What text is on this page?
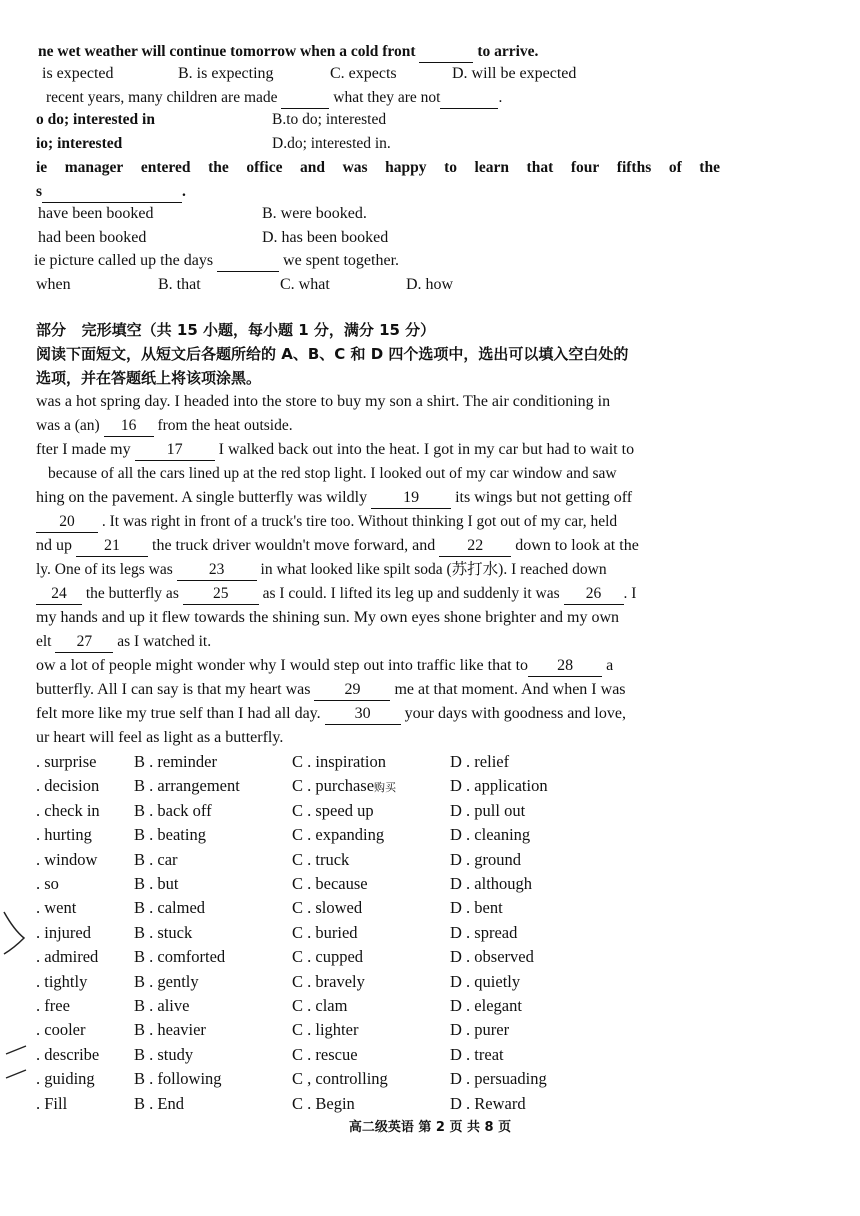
ne wet weather will continue tomorrow when a cold front	to arrive.
is expected	B. is expecting	C. expects	D. will be expected
recent years, many children are made	what they are not	.
o do; interested in	B.to do; interested
io; interested	D.do; interested in.
ie manager entered the office and was happy to learn that four fifths of the
s	.
have been booked	B. were booked.
had been booked	D. has been booked
ie picture called up the days	we spent together.
when	B. that	C. what	D. how
部分   完形填空（共 15 小题，每小题 1 分，满分 15 分）
阅读下面短文，从短文后各题所给的 A、B、C 和 D 四个选项中，选出可以填入空白处的
选项，并在答题纸上将该项涂黑。
was a hot spring day. I headed into the store to buy my son a shirt. The air conditioning in
was a (an) 16 from the heat outside.
fter I made my 17 I walked back out into the heat. I got in my car but had to wait to
because of all the cars lined up at the red stop light. I looked out of my car window and saw
hing on the pavement. A single butterfly was wildly 19 its wings but not getting off
20 . It was right in front of a truck's tire too. Without thinking I got out of my car, held
nd up 21 the truck driver wouldn't move forward, and 22 down to look at the
ly. One of its legs was 23 in what looked like spilt soda (苏打水). I reached down
24 the butterfly as 25 as I could. I lifted its leg up and suddenly it was 26 . I
my hands and up it flew towards the shining sun. My own eyes shone brighter and my own
elt 27 as I watched it.
ow a lot of people might wonder why I would step out into traffic like that to 28 a
butterfly. All I can say is that my heart was 29 me at that moment. And when I was
felt more like my true self than I had all day. 30 your days with goodness and love,
ur heart will feel as light as a butterfly.
. surprise B . reminder	C . inspiration	D . relief
. decision B . arrangement	C . purchase购买	D . application
. check in B . back off	C . speed up	D . pull out
. hurting	B . beating	C . expanding	D . cleaning
. window B . car	C . truck	D . ground
. so	B . but	C . because	D . although
. went	B . calmed	C . slowed	D . bent
. injured	B . stuck	C . buried	D . spread
. admired B . comforted	C . cupped	D . observed
. tightly	B . gently	C . bravely	D . quietly
. free	B . alive	C . clam	D . elegant
. cooler	B . heavier	C . lighter	D . purer
. describe B . study	C . rescue	D . treat
. guiding B . following	C , controlling	D . persuading
. Fill	B . End	C . Begin	D . Reward
高二级英语 第 2 页 共 8 页
